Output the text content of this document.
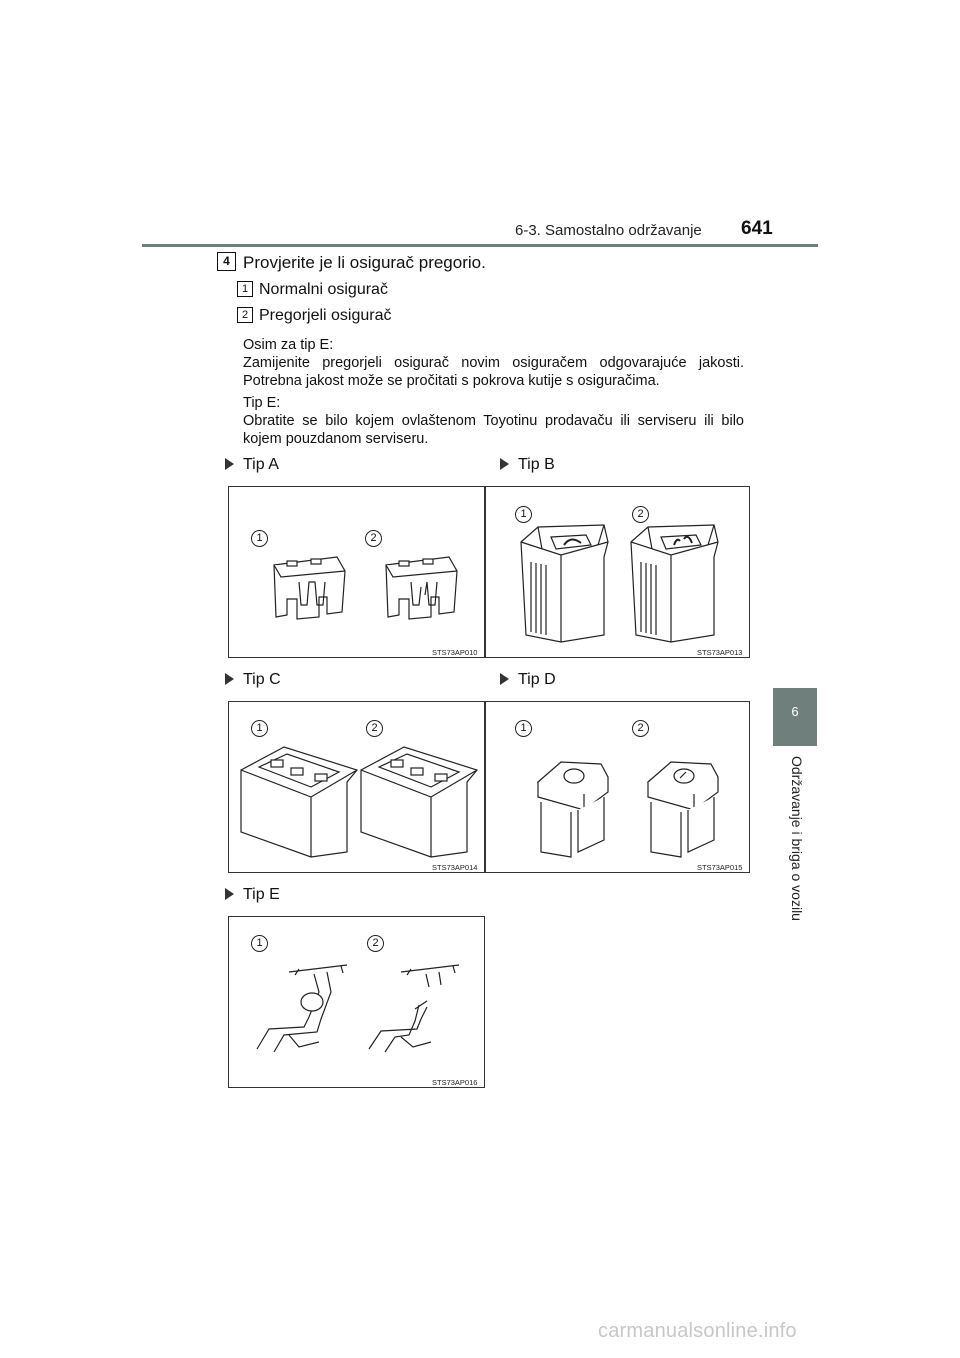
6-3. Samostalno održavanje 641
6
Održavanje i briga o vozilu
4 Provjerite je li osigurač pregorio.
1 Normalni osigurač
2 Pregorjeli osigurač

Osim za tip E:

Zamijenite pregorjeli osigurač novim osiguračem odgovarajuće jakosti. Potrebna jakost može se pročitati s pokrova kutije s osiguračima.

Tip E:

Obratite se bilo kojem ovlaštenom Toyotinu prodavaču ili serviseru ili bilo kojem pouzdanom serviseru.

Tip A	Tip B
Tip C	Tip D
Tip E
1	2
STS73AP010
1	2
STS73AP013
1	2
STS73AP014
1	2
STS73AP015
1	2
STS73AP016
carmanualsonline.info
